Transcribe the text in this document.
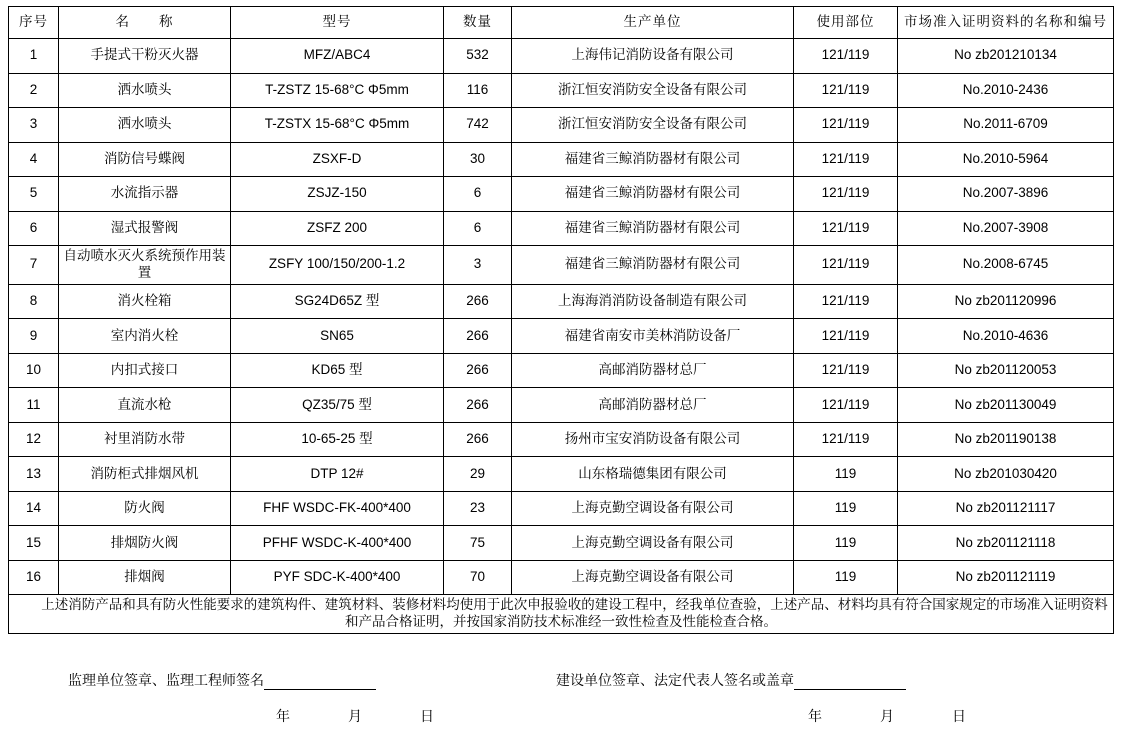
序号	名　　称	型号	数量	生产单位	使用部位	市场准入证明资料的名称和编号
1	手提式干粉灭火器	MFZ/ABC4	532	上海伟记消防设备有限公司	121/119	No zb201210134
2	洒水喷头	T-ZSTZ 15-68°C Φ5mm	116	浙江恒安消防安全设备有限公司	121/119	No.2010-2436
3	洒水喷头	T-ZSTX 15-68°C Φ5mm	742	浙江恒安消防安全设备有限公司	121/119	No.2011-6709
4	消防信号蝶阀	ZSXF-D	30	福建省三鲸消防器材有限公司	121/119	No.2010-5964
5	水流指示器	ZSJZ-150	6	福建省三鲸消防器材有限公司	121/119	No.2007-3896
6	湿式报警阀	ZSFZ 200	6	福建省三鲸消防器材有限公司	121/119	No.2007-3908
7	自动喷水灭火系统预作用装置	ZSFY 100/150/200-1.2	3	福建省三鲸消防器材有限公司	121/119	No.2008-6745
8	消火栓箱	SG24D65Z 型	266	上海海消消防设备制造有限公司	121/119	No zb201120996
9	室内消火栓	SN65	266	福建省南安市美林消防设备厂	121/119	No.2010-4636
10	内扣式接口	KD65 型	266	高邮消防器材总厂	121/119	No zb201120053
11	直流水枪	QZ35/75 型	266	高邮消防器材总厂	121/119	No zb201130049
12	衬里消防水带	10-65-25 型	266	扬州市宝安消防设备有限公司	121/119	No zb201190138
13	消防柜式排烟风机	DTP 12#	29	山东格瑞德集团有限公司	119	No zb201030420
14	防火阀	FHF WSDC-FK-400*400	23	上海克勤空调设备有限公司	119	No zb201121117
15	排烟防火阀	PFHF WSDC-K-400*400	75	上海克勤空调设备有限公司	119	No zb201121118
16	排烟阀	PYF SDC-K-400*400	70	上海克勤空调设备有限公司	119	No zb201121119

上述消防产品和具有防火性能要求的建筑构件、建筑材料、装修材料均使用于此次申报验收的建设工程中，经我单位查验，上述产品、材料均具有符合国家规定的市场准入证明资料和产品合格证明，并按国家消防技术标准经一致性检查及性能检查合格。						

监理单位签章、监理工程师签名	建设单位签章、法定代表人签名或盖章
年　月　日	年　月　日
